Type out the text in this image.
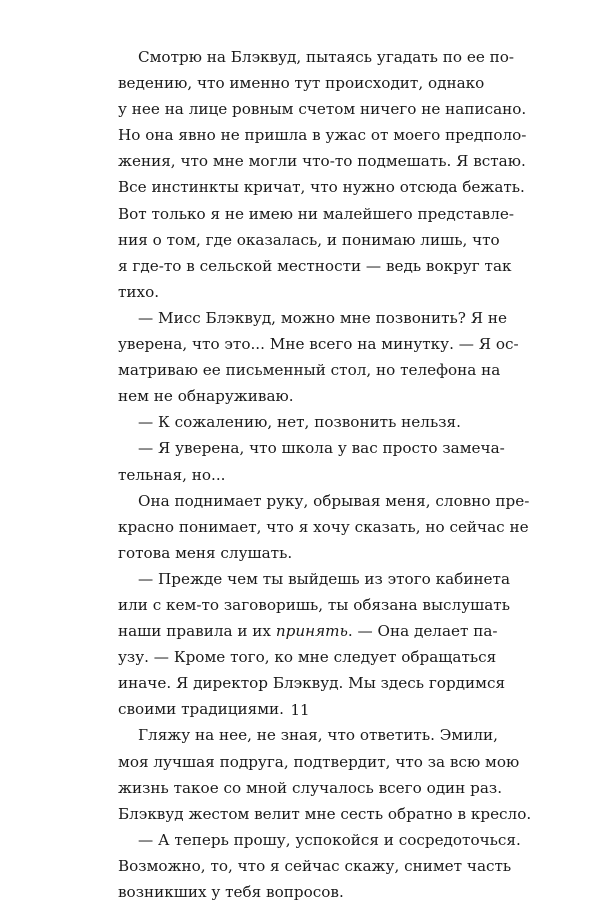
Смотрю на Блэквуд, пытаясь угадать по ее по-
ведению, что именно тут происходит, однако
у нее на лице ровным счетом ничего не написано.
Но она явно не пришла в ужас от моего предполо-
жения, что мне могли что-то подмешать. Я встаю.
Все инстинкты кричат, что нужно отсюда бежать.
Вот только я не имею ни малейшего представле-
ния о том, где оказалась, и понимаю лишь, что
я где-то в сельской местности — ведь вокруг так
тихо.
— Мисс Блэквуд, можно мне позвонить? Я не
уверена, что это... Мне всего на минутку. — Я ос-
матриваю ее письменный стол, но телефона на
нем не обнаруживаю.
— К сожалению, нет, позвонить нельзя.
— Я уверена, что школа у вас просто замеча-
тельная, но...
Она поднимает руку, обрывая меня, словно пре-
красно понимает, что я хочу сказать, но сейчас не
готова меня слушать.
— Прежде чем ты выйдешь из этого кабинета
или с кем-то заговоришь, ты обязана выслушать
наши правила и их принять. — Она делает па-
узу. — Кроме того, ко мне следует обращаться
иначе. Я директор Блэквуд. Мы здесь гордимся
своими традициями.
Гляжу на нее, не зная, что ответить. Эмили,
моя лучшая подруга, подтвердит, что за всю мою
жизнь такое со мной случалось всего один раз.
Блэквуд жестом велит мне сесть обратно в кресло.
— А теперь прошу, успокойся и сосредоточься.
Возможно, то, что я сейчас скажу, снимет часть
возникших у тебя вопросов.
11
